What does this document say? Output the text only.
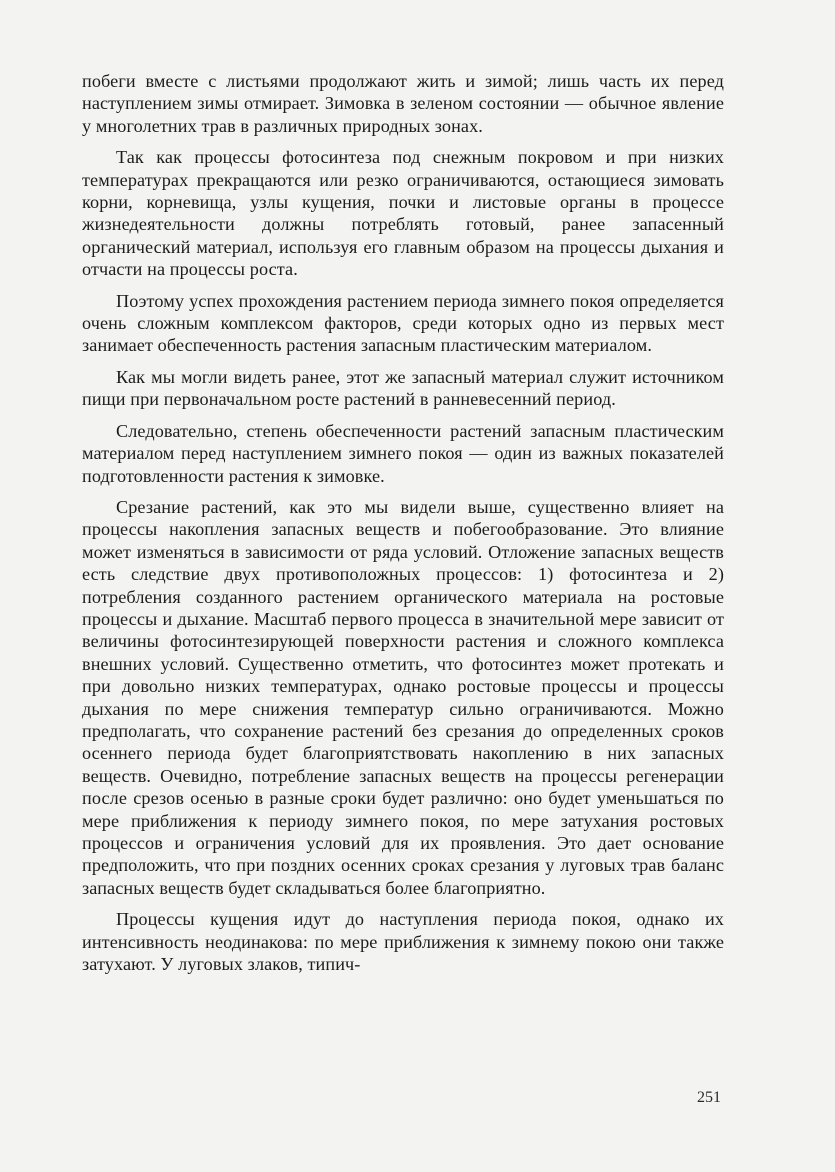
побеги вместе с листьями продолжают жить и зимой; лишь часть их перед наступлением зимы отмирает. Зимовка в зеленом состоянии — обычное явление у многолетних трав в различных природных зонах.

Так как процессы фотосинтеза под снежным покровом и при низких температурах прекращаются или резко ограничиваются, остающиеся зимовать корни, корневища, узлы кущения, почки и листовые органы в процессе жизнедеятельности должны потреблять готовый, ранее запасенный органический материал, используя его главным образом на процессы дыхания и отчасти на процессы роста.

Поэтому успех прохождения растением периода зимнего покоя определяется очень сложным комплексом факторов, среди которых одно из первых мест занимает обеспеченность растения запасным пластическим материалом.

Как мы могли видеть ранее, этот же запасный материал служит источником пищи при первоначальном росте растений в ранневесенний период.

Следовательно, степень обеспеченности растений запасным пластическим материалом перед наступлением зимнего покоя — один из важных показателей подготовленности растения к зимовке.

Срезание растений, как это мы видели выше, существенно влияет на процессы накопления запасных веществ и побегообразование. Это влияние может изменяться в зависимости от ряда условий. Отложение запасных веществ есть следствие двух противоположных процессов: 1) фотосинтеза и 2) потребления созданного растением органического материала на ростовые процессы и дыхание. Масштаб первого процесса в значительной мере зависит от величины фотосинтезирующей поверхности растения и сложного комплекса внешних условий. Существенно отметить, что фотосинтез может протекать и при довольно низких температурах, однако ростовые процессы и процессы дыхания по мере снижения температур сильно ограничиваются. Можно предполагать, что сохранение растений без срезания до определенных сроков осеннего периода будет благоприятствовать накоплению в них запасных веществ. Очевидно, потребление запасных веществ на процессы регенерации после срезов осенью в разные сроки будет различно: оно будет уменьшаться по мере приближения к периоду зимнего покоя, по мере затухания ростовых процессов и ограничения условий для их проявления. Это дает основание предположить, что при поздних осенних сроках срезания у луговых трав баланс запасных веществ будет складываться более благоприятно.

Процессы кущения идут до наступления периода покоя, однако их интенсивность неодинакова: по мере приближения к зимнему покою они также затухают. У луговых злаков, типич-

251
